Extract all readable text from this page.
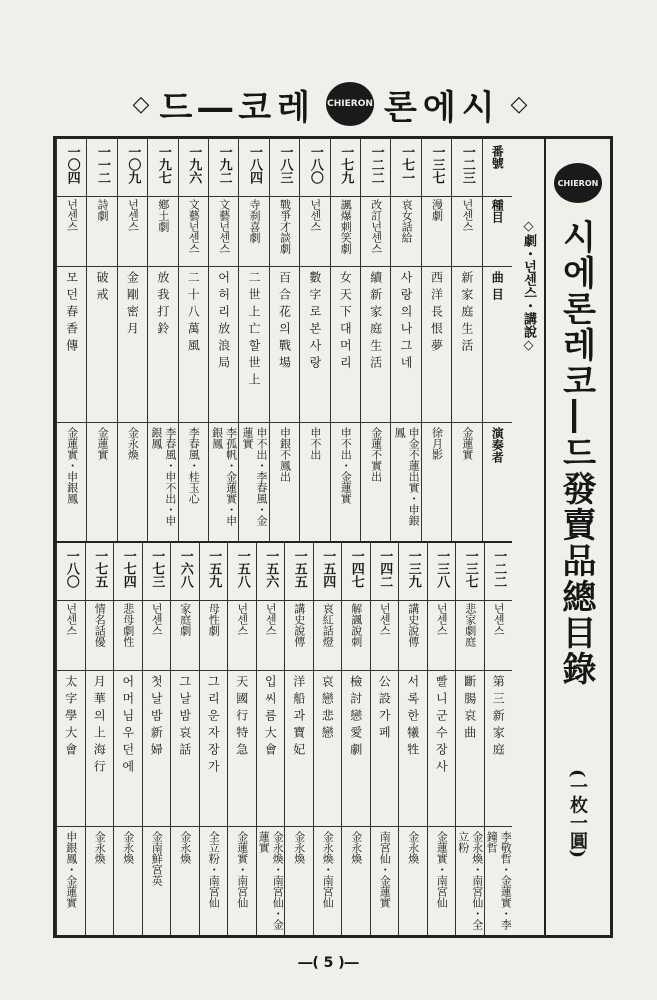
◇ 드―코레 CHIERON 론에시 ◇
CHIERON
시에론레코―드發賣品總目錄
(一枚一圓)
◇劇・넌센스・講說◇
番號
種目
曲目
演奏者
一二三
넌센스
新家庭生活
金蓮實
一三七
漫劇
西洋長恨夢
徐月影
一七一
哀女話給
사랑의나그네
申金不蓮出實・申銀鳳
一二二
改訂넌센스
續新家庭生活
金蓮不實出
一七九
諷爆刺笑劇
女天下대머리
申不出・金蓮實
一八〇
넌센스
數字로본사랑
申不出
一八三
戰爭才談劇
百合花의戰場
申銀不鳳出
一八四
寺刹喜劇
二世上亡할世上
申不出・李春風・金蓮實
一九二
文藝넌센스
어허리放浪局
李孤帆・金蓮實・申銀鳳
一九六
文藝넌센스
二十八萬風
李春風・桂玉心
一九七
鄕土劇
放我打鈴
李春風・申不出・申銀鳳
一〇九
넌센스
金剛密月
金永煥
一一二
詩劇
破戒
金蓮實
一〇四
넌센스
모던春香傳
金蓮實・申銀鳳
一二二
넌센스
第三新家庭
李敬哲・金蓮實・李鐘哲
一三七
悲家劇庭
斷腸哀曲
金永煥・南宮仙・全立粉
一三八
넌센스
빨니군수장사
金蓮實・南宮仙
一三九
講史說傳
서록한犧牲
金永煥
一四二
넌센스
公設가페
南宮仙・金蓮實
一四七
解諷說刺
檢討戀愛劇
金永煥
一五四
哀紅話燈
哀戀悲戀
金永煥・南宮仙
一五五
講史說傳
洋船과寶妃
金永煥
一五六
넌센스
입씨름大會
金永煥・南宮仙・金蓮實
一五八
넌센스
天國行特急
金蓮實・南宮仙
一五九
母性劇
그리운자장가
全立粉・南宮仙
一六八
家庭劇
그날밤哀話
金永煥
一七三
넌센스
첫날밤新婦
金南鮮宮英
一七四
悲母劇性
어머님우던에
金永煥
一七五
情名話優
月華의上海行
金永煥
一八〇
넌센스
太字學大會
申銀鳳・金蓮實
―( 5 )―
